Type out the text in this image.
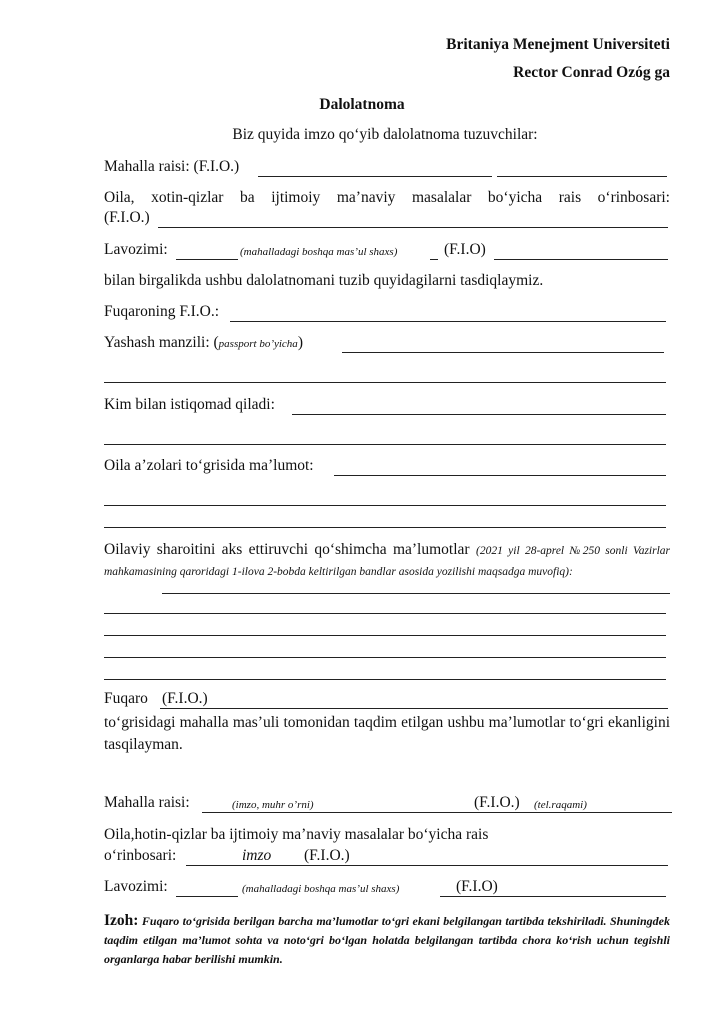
Britaniya Menejment Universiteti
Rector Conrad Ozóg ga
Dalolatnoma
Biz quyida imzo qo‘yib dalolatnoma tuzuvchilar:
Mahalla raisi: (F.I.O.)
Oila, xotin-qizlar ba ijtimoiy ma’naviy masalalar bo‘yicha rais o‘rinbosari:
(F.I.O.)
Lavozimi:	(mahalladagi boshqa mas’ul shaxs)	(F.I.O)
bilan birgalikda ushbu dalolatnomani tuzib quyidagilarni tasdiqlaymiz.
Fuqaroning F.I.O.:
Yashash manzili: (passport bo’yicha)
Kim bilan istiqomad qiladi:
Oila a’zolari to‘grisida ma’lumot:
Oilaviy sharoitini aks ettiruvchi qo‘shimcha ma’lumotlar (2021 yil 28-aprel №250 sonli Vazirlar mahkamasining qaroridagi 1-ilova 2-bobda keltirilgan bandlar asosida yozilishi maqsadga muvofiq):
Fuqaro (F.I.O.)
to‘grisidagi mahalla mas’uli tomonidan taqdim etilgan ushbu ma’lumotlar to‘gri ekanligini tasqilayman.
Mahalla raisi:	(imzo, muhr o’rni)	(F.I.O.) (tel.raqami)
Oila,hotin-qizlar ba ijtimoiy ma’naviy masalalar bo‘yicha rais
o‘rinbosari:	imzo (F.I.O.)
Lavozimi:	(mahalladagi boshqa mas’ul shaxs)	(F.I.O)
Izoh: Fuqaro to‘grisida berilgan barcha ma’lumotlar to‘gri ekani belgilangan tartibda tekshiriladi. Shuningdek taqdim etilgan ma’lumot sohta va noto‘gri bo‘lgan holatda belgilangan tartibda chora ko‘rish uchun tegishli organlarga habar berilishi mumkin.
